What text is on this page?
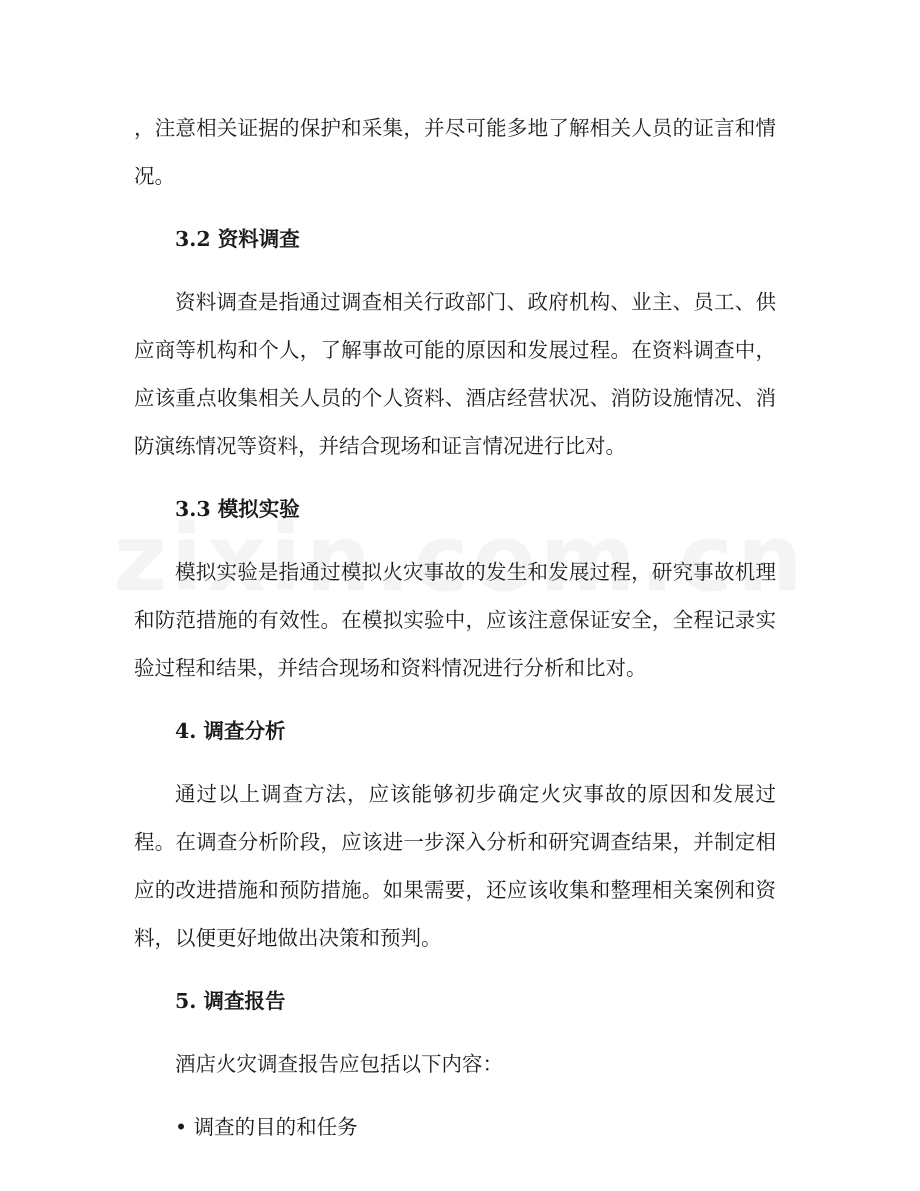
，注意相关证据的保护和采集，并尽可能多地了解相关人员的证言和情况。

3.2 资料调查

资料调查是指通过调查相关行政部门、政府机构、业主、员工、供应商等机构和个人，了解事故可能的原因和发展过程。在资料调查中，应该重点收集相关人员的个人资料、酒店经营状况、消防设施情况、消防演练情况等资料，并结合现场和证言情况进行比对。

3.3 模拟实验

模拟实验是指通过模拟火灾事故的发生和发展过程，研究事故机理和防范措施的有效性。在模拟实验中，应该注意保证安全，全程记录实验过程和结果，并结合现场和资料情况进行分析和比对。

4. 调查分析

通过以上调查方法，应该能够初步确定火灾事故的原因和发展过程。在调查分析阶段，应该进一步深入分析和研究调查结果，并制定相应的改进措施和预防措施。如果需要，还应该收集和整理相关案例和资料，以便更好地做出决策和预判。

5. 调查报告

酒店火灾调查报告应包括以下内容：

• 调查的目的和任务
